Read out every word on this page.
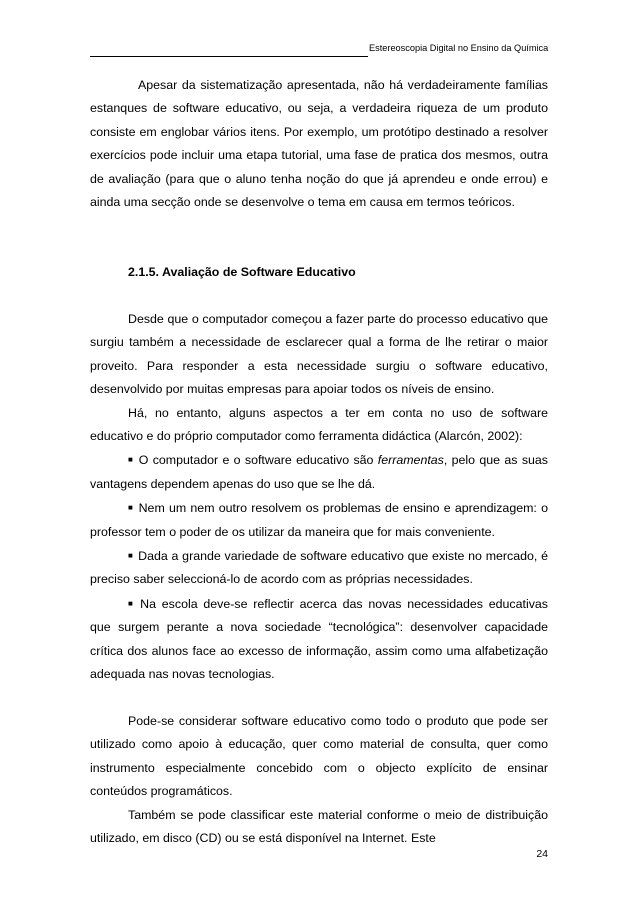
Estereoscopia Digital no Ensino da Química

Apesar da sistematização apresentada, não há verdadeiramente famílias estanques de software educativo, ou seja, a verdadeira riqueza de um produto consiste em englobar vários itens. Por exemplo, um protótipo destinado a resolver exercícios pode incluir uma etapa tutorial, uma fase de pratica dos mesmos, outra de avaliação (para que o aluno tenha noção do que já aprendeu e onde errou) e ainda uma secção onde se desenvolve o tema em causa em termos teóricos.

2.1.5. Avaliação de Software Educativo

Desde que o computador começou a fazer parte do processo educativo que surgiu também a necessidade de esclarecer qual a forma de lhe retirar o maior proveito. Para responder a esta necessidade surgiu o software educativo, desenvolvido por muitas empresas para apoiar todos os níveis de ensino.

Há, no entanto, alguns aspectos a ter em conta no uso de software educativo e do próprio computador como ferramenta didáctica (Alarcón, 2002):

■ O computador e o software educativo são ferramentas, pelo que as suas vantagens dependem apenas do uso que se lhe dá.

■ Nem um nem outro resolvem os problemas de ensino e aprendizagem: o professor tem o poder de os utilizar da maneira que for mais conveniente.

■ Dada a grande variedade de software educativo que existe no mercado, é preciso saber seleccioná-lo de acordo com as próprias necessidades.

■ Na escola deve-se reflectir acerca das novas necessidades educativas que surgem perante a nova sociedade “tecnológica”: desenvolver capacidade crítica dos alunos face ao excesso de informação, assim como uma alfabetização adequada nas novas tecnologias.

Pode-se considerar software educativo como todo o produto que pode ser utilizado como apoio à educação, quer como material de consulta, quer como instrumento especialmente concebido com o objecto explícito de ensinar conteúdos programáticos.

Também se pode classificar este material conforme o meio de distribuição utilizado, em disco (CD) ou se está disponível na Internet. Este

24
